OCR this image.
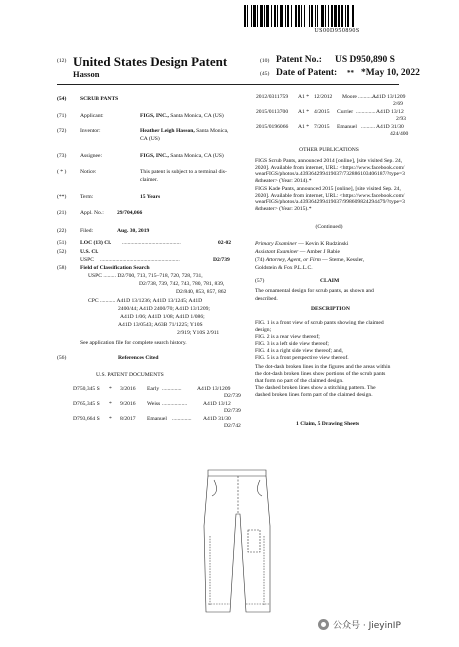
US00D950890S
(12) United States Design Patent
Hasson
(10) Patent No.: US D950,890 S
(45) Date of Patent: ** *May 10, 2022
(54) SCRUB PANTS
(71) Applicant:	FIGS, INC., Santa Monica, CA (US)
(72) Inventor:	Heather Leigh Hasson, Santa Monica,
CA (US)
(73) Assignee:	FIGS, INC., Santa Monica, CA (US)
( * ) Notice:	This patent is subject to a terminal dis-
claimer.
(**) Term:	15 Years
(21) Appl. No.: 29/704,066
(22) Filed:	Aug. 30, 2019
(51) LOC (13) Cl. ..........................................	02-02
(52) U.S. Cl.
USPC .........................................................	D2/739
(58) Field of Classification Search
USPC ......... D2/700, 713, 715–718, 720, 728, 731,
D2/738, 739, 742, 743, 780, 781, 839,
D2/840, 853, 857, 862
CPC ........... A41D 13/1236; A41D 13/1245; A41D
2400/44; A41D 2400/70; A41D 13/1209;
A41D 1/06; A41D 1/08; A41D 1/086;
A41D 13/0543; A63B 71/1225; Y10S
2/919; Y10S 2/911
See application file for complete search history.
(56)	References Cited
U.S. PATENT DOCUMENTS
D750,345 S * 3/2016 Early ..............	A41D 13/1209
D2/739
D765,345 S * 9/2016 Weiss ..................	A41D 13/12
D2/739
D793,664 S * 8/2017 Emanuel .............. A41D 31/30
D2/742
2012/0311759 A1 * 12/2012 Moore ..............
A41D 13/1209
2/69
2015/0113700 A1 * 4/2015 Currier .............. A41D 13/12
2/93
2015/0196066 A1 * 7/2015 Emanuel .......... A41D 31/30
424/400
OTHER PUBLICATIONS
FIGS Scrub Pants, announced 2014 [online], [site visited Sep. 24,
2020]. Available from internet, URL: <https://www.facebook.com/
wearFIGS/photos/a.439364299419037/732886103406187/?type=3
&theater> (Year: 2014).*
FIGS Kade Pants, announced 2015 [online], [site visited Sep. 24,
2020]. Available from internet, URL: <https://www.facebook.com/
wearFIGS/photos/a.439364299419037/998609824294479/?type=3
&theater> (Year: 2015).*
(Continued)
Primary Examiner — Kevin K Rudzinski
Assistant Examiner — Amber J Rabie
(74) Attorney, Agent, or Firm — Sterne, Kessler,
Goldstein & Fox P.L.L.C.
(57)	CLAIM
The ornamental design for scrub pants, as shown and
described.
DESCRIPTION
FIG. 1 is a front view of scrub pants showing the claimed
design;
FIG. 2 is a rear view thereof;
FIG. 3 is a left side view thereof;
FIG. 4 is a right side view thereof; and,
FIG. 5 is a front perspective view thereof.
The dot-dash broken lines in the figures and the areas within
the dot-dash broken lines show portions of the scrub pants
that form no part of the claimed design.
The dashed broken lines show a stitching pattern. The
dashed broken lines form part of the claimed design.
1 Claim, 5 Drawing Sheets
公众号 · JieyinIP
